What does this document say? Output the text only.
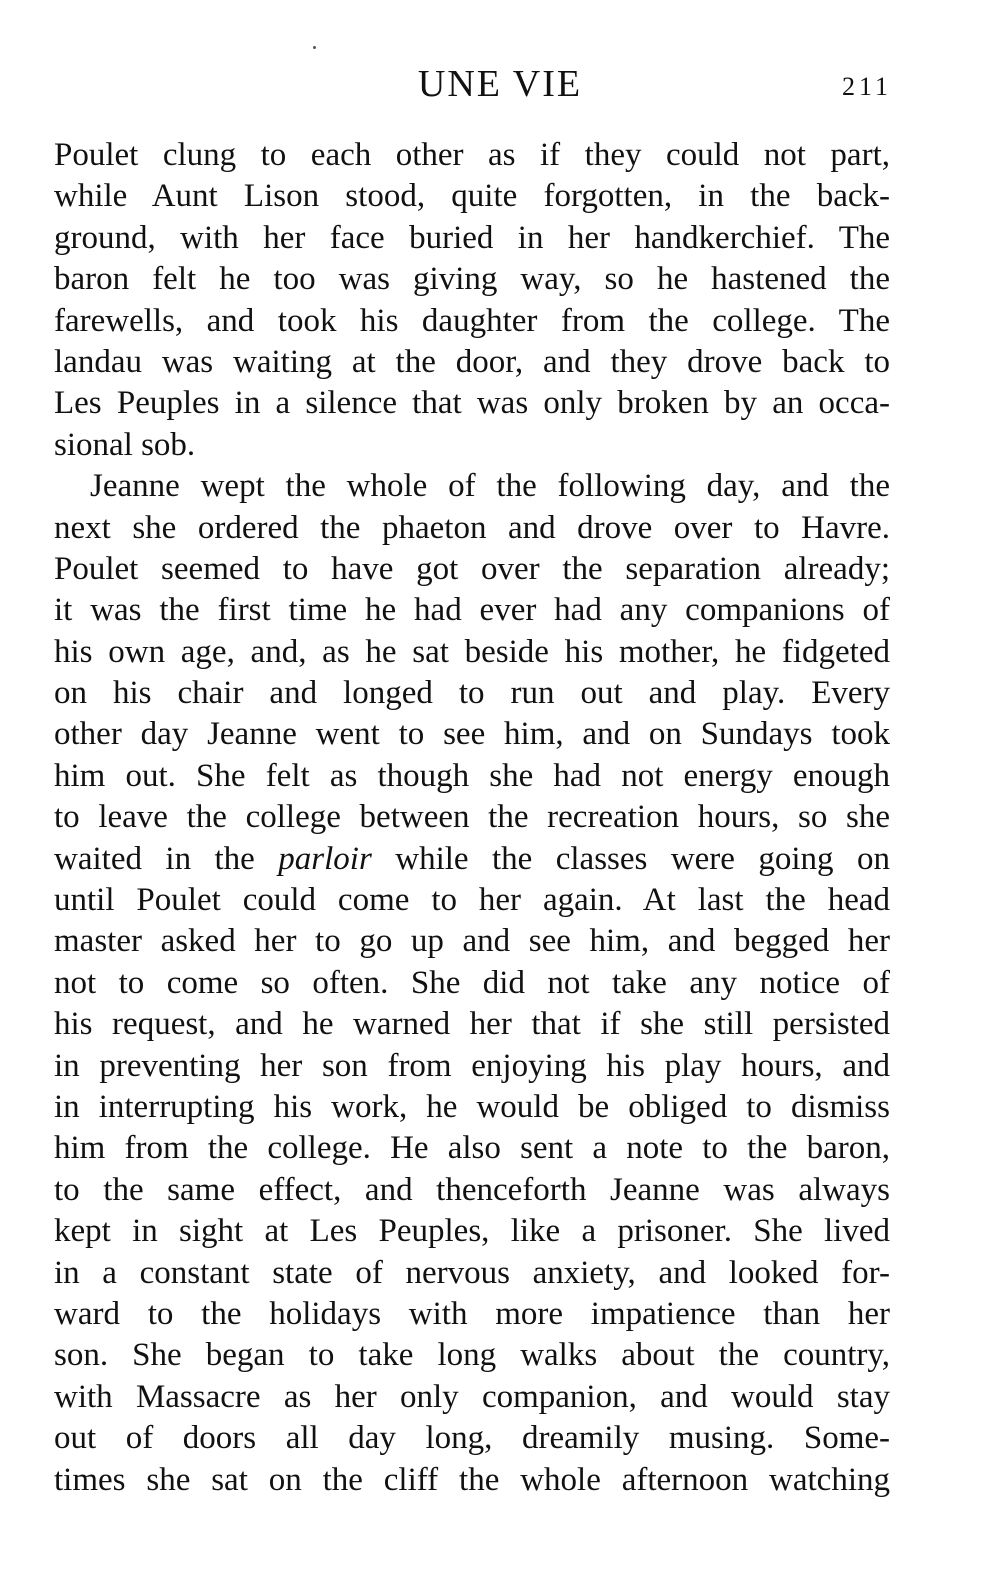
UNE VIE	211
Poulet clung to each other as if they could not part,
while Aunt Lison stood, quite forgotten, in the back-
ground, with her face buried in her handkerchief. The
baron felt he too was giving way, so he hastened the
farewells, and took his daughter from the college. The
landau was waiting at the door, and they drove back to
Les Peuples in a silence that was only broken by an occa-
sional sob.
Jeanne wept the whole of the following day, and the
next she ordered the phaeton and drove over to Havre.
Poulet seemed to have got over the separation already;
it was the first time he had ever had any companions of
his own age, and, as he sat beside his mother, he fidgeted
on his chair and longed to run out and play. Every
other day Jeanne went to see him, and on Sundays took
him out. She felt as though she had not energy enough
to leave the college between the recreation hours, so she
waited in the parloir while the classes were going on
until Poulet could come to her again. At last the head
master asked her to go up and see him, and begged her
not to come so often. She did not take any notice of
his request, and he warned her that if she still persisted
in preventing her son from enjoying his play hours, and
in interrupting his work, he would be obliged to dismiss
him from the college. He also sent a note to the baron,
to the same effect, and thenceforth Jeanne was always
kept in sight at Les Peuples, like a prisoner. She lived
in a constant state of nervous anxiety, and looked for-
ward to the holidays with more impatience than her
son. She began to take long walks about the country,
with Massacre as her only companion, and would stay
out of doors all day long, dreamily musing. Some-
times she sat on the cliff the whole afternoon watching
